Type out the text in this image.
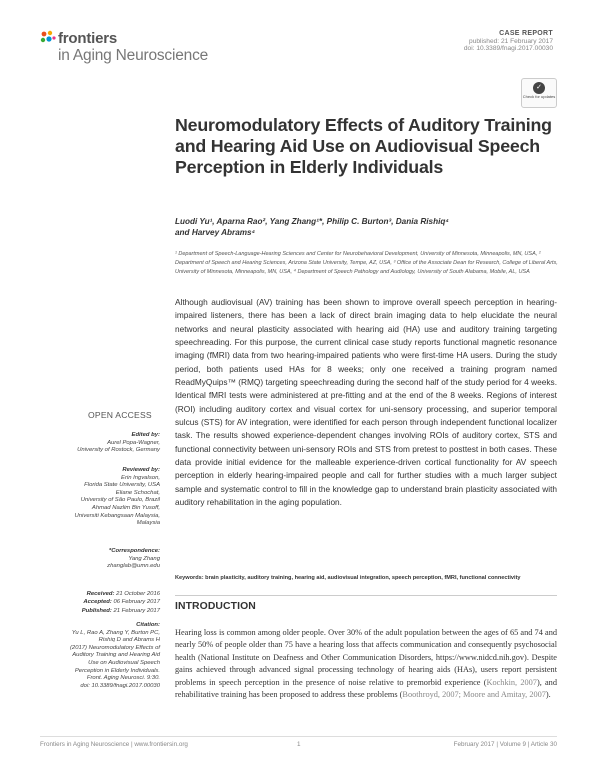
frontiers
in Aging Neuroscience
CASE REPORT
published: 21 February 2017
doi: 10.3389/fnagi.2017.00030
✓
Check for updates
Neuromodulatory Effects of Auditory Training and Hearing Aid Use on Audiovisual Speech Perception in Elderly Individuals
Luodi Yu¹, Aparna Rao², Yang Zhang¹*, Philip C. Burton³, Dania Rishiq⁴
and Harvey Abrams⁴
¹ Department of Speech-Language-Hearing Sciences and Center for Neurobehavioral Development, University of Minnesota, Minneapolis, MN, USA, ² Department of Speech and Hearing Sciences, Arizona State University, Tempe, AZ, USA, ³ Office of the Associate Dean for Research, College of Liberal Arts, University of Minnesota, Minneapolis, MN, USA, ⁴ Department of Speech Pathology and Audiology, University of South Alabama, Mobile, AL, USA
Although audiovisual (AV) training has been shown to improve overall speech perception in hearing-impaired listeners, there has been a lack of direct brain imaging data to help elucidate the neural networks and neural plasticity associated with hearing aid (HA) use and auditory training targeting speechreading. For this purpose, the current clinical case study reports functional magnetic resonance imaging (fMRI) data from two hearing-impaired patients who were first-time HA users. During the study period, both patients used HAs for 8 weeks; only one received a training program named ReadMyQuips™ (RMQ) targeting speechreading during the second half of the study period for 4 weeks. Identical fMRI tests were administered at pre-fitting and at the end of the 8 weeks. Regions of interest (ROI) including auditory cortex and visual cortex for uni-sensory processing, and superior temporal sulcus (STS) for AV integration, were identified for each person through independent functional localizer task. The results showed experience-dependent changes involving ROIs of auditory cortex, STS and functional connectivity between uni-sensory ROIs and STS from pretest to posttest in both cases. These data provide initial evidence for the malleable experience-driven cortical functionality for AV speech perception in elderly hearing-impaired people and call for further studies with a much larger subject sample and systematic control to fill in the knowledge gap to understand brain plasticity associated with auditory rehabilitation in the aging population.
Keywords: brain plasticity, auditory training, hearing aid, audiovisual integration, speech perception, fMRI, functional connectivity
INTRODUCTION
Hearing loss is common among older people. Over 30% of the adult population between the ages of 65 and 74 and nearly 50% of people older than 75 have a hearing loss that affects communication and consequently psychosocial health (National Institute on Deafness and Other Communication Disorders, https://www.nidcd.nih.gov). Despite gains achieved through advanced signal processing technology of hearing aids (HAs), users report persistent problems in speech perception in the presence of noise relative to premorbid experience (Kochkin, 2007), and rehabilitative training has been proposed to address these problems (Boothroyd, 2007; Moore and Amitay, 2007).
OPEN ACCESS
Edited by:
Aurel Popa-Wagner,
University of Rostock, Germany
Reviewed by:
Erin Ingvalson,
Florida State University, USA
Eliane Schochat,
University of São Paulo, Brazil
Ahmad Nazlim Bin Yusoff,
Universiti Kebangsaan Malaysia,
Malaysia
*Correspondence:
Yang Zhang
zhanglab@umn.edu
Received: 21 October 2016
Accepted: 06 February 2017
Published: 21 February 2017
Citation:
Yu L, Rao A, Zhang Y, Burton PC,
Rishiq D and Abrams H
(2017) Neuromodulatory Effects of
Auditory Training and Hearing Aid
Use on Audiovisual Speech
Perception in Elderly Individuals.
Front. Aging Neurosci. 9:30.
doi: 10.3389/fnagi.2017.00030
Frontiers in Aging Neuroscience | www.frontiersin.org	1	February 2017 | Volume 9 | Article 30
